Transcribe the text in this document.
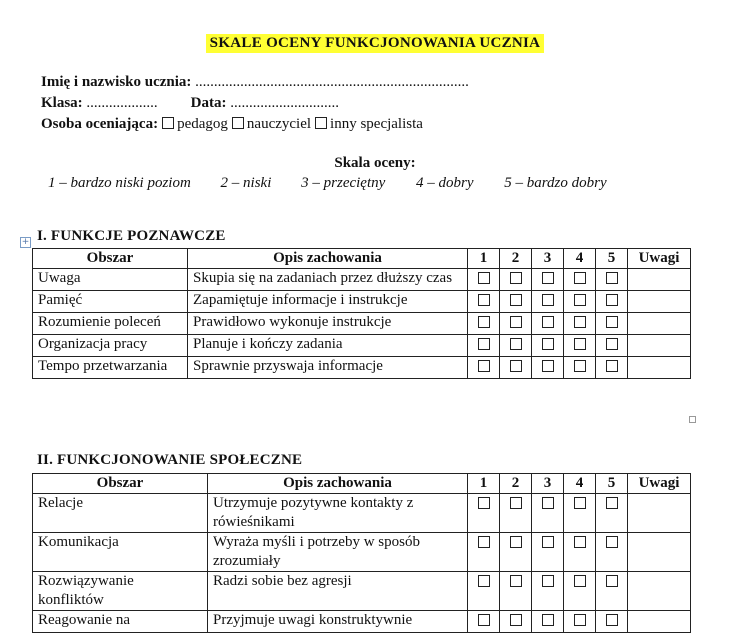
SKALE OCENY FUNKCJONOWANIA UCZNIA
Imię i nazwisko ucznia: .........................................................................
Klasa: ................... Data: .............................
Osoba oceniająca: pedagog nauczyciel inny specjalista
Skala oceny:
1 – bardzo niski poziom 2 – niski 3 – przeciętny 4 – dobry 5 – bardzo dobry
+ I. FUNKCJE POZNAWCZE
Obszar	Opis zachowania	1	2	3	4	5	Uwagi
Uwaga	Skupia się na zadaniach przez dłuższy czas						
Pamięć	Zapamiętuje informacje i instrukcje						
Rozumienie poleceń	Prawidłowo wykonuje instrukcje						
Organizacja pracy	Planuje i kończy zadania						
Tempo przetwarzania	Sprawnie przyswaja informacje						
II. FUNKCJONOWANIE SPOŁECZNE
Obszar	Opis zachowania	1	2	3	4	5	Uwagi
Relacje	Utrzymuje pozytywne kontakty z rówieśnikami						
Komunikacja	Wyraża myśli i potrzeby w sposób zrozumiały						
Rozwiązywanie konfliktów	Radzi sobie bez agresji						
Reagowanie na	Przyjmuje uwagi konstruktywnie						
